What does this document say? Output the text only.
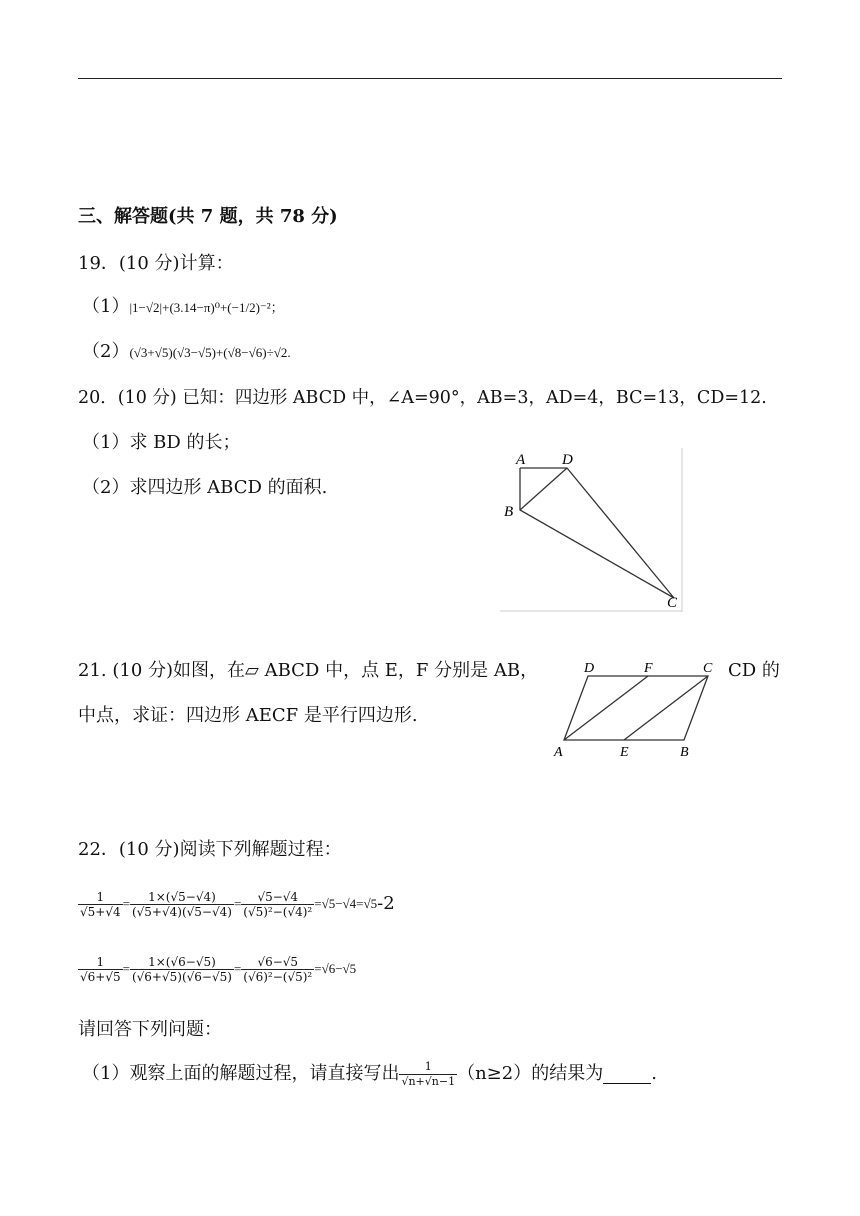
三、解答题(共 7 题，共 78 分)
19．(10 分)计算：
（1）|1−√2|+(3.14−π)⁰+(−1/2)⁻²；
（2）(√3+√5)(√3−√5)+(√8−√6)÷√2.
20．(10 分) 已知：四边形 ABCD 中，∠A=90°，AB=3，AD=4，BC=13，CD=12.
（1）求 BD 的长；
（2）求四边形 ABCD 的面积.
A D
B
C
21. (10 分)如图，在▱ ABCD 中，点 E，F 分别是 AB，	CD 的
中点，求证：四边形 AECF 是平行四边形.
D	F	C
A	E	B
22．(10 分)阅读下列解题过程：
$\frac{1}{√5+√4} = \frac{1\times(√5-√4)}{(√5+√4)(√5-√4)} = \frac{√5-√4}{\text{(√5)²−(√4)²}} =√5-√4=√5$ -2
$\frac{1}{√6+√5} = \frac{1\times(√6-√5)}{(√6+√5)(√6-√5)} = \frac{√6-√5}{\text{(√6)²−(√5)²}} =√6-√5$
请回答下列问题：
（1）观察上面的解题过程，请直接写出 $\frac{1}{√n+√n-1} (n\ge 2)$的结果为	.
